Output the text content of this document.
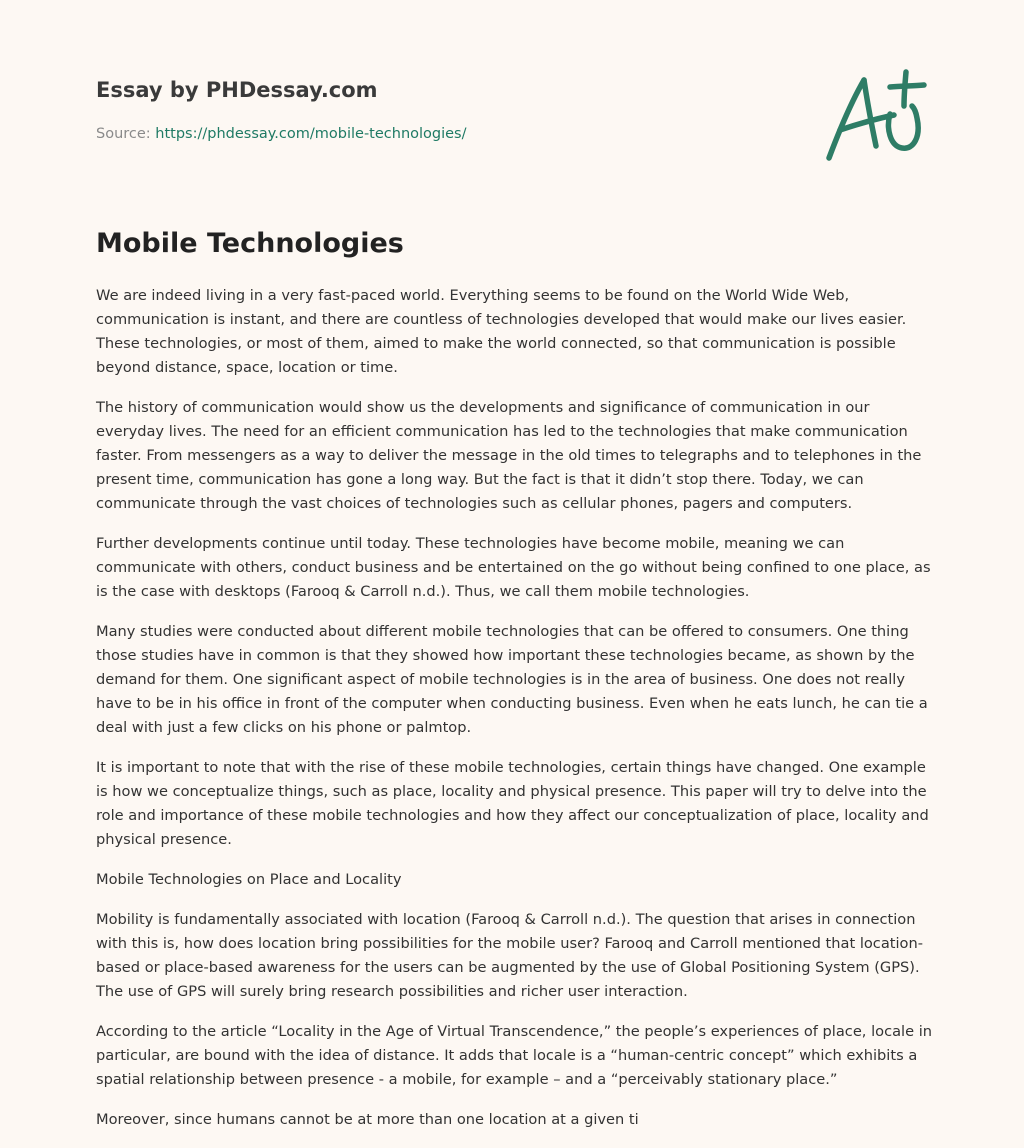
Essay by PHDessay.com
Source: https://phdessay.com/mobile-technologies/
Mobile Technologies

We are indeed living in a very fast-paced world. Everything seems to be found on the World Wide Web, communication is instant, and there are countless of technologies developed that would make our lives easier. These technologies, or most of them, aimed to make the world connected, so that communication is possible beyond distance, space, location or time.

The history of communication would show us the developments and significance of communication in our everyday lives. The need for an efficient communication has led to the technologies that make communication faster. From messengers as a way to deliver the message in the old times to telegraphs and to telephones in the present time, communication has gone a long way. But the fact is that it didn’t stop there. Today, we can communicate through the vast choices of technologies such as cellular phones, pagers and computers.

Further developments continue until today. These technologies have become mobile, meaning we can communicate with others, conduct business and be entertained on the go without being confined to one place, as is the case with desktops (Farooq & Carroll n.d.). Thus, we call them mobile technologies.

Many studies were conducted about different mobile technologies that can be offered to consumers. One thing those studies have in common is that they showed how important these technologies became, as shown by the demand for them. One significant aspect of mobile technologies is in the area of business. One does not really have to be in his office in front of the computer when conducting business. Even when he eats lunch, he can tie a deal with just a few clicks on his phone or palmtop.

It is important to note that with the rise of these mobile technologies, certain things have changed. One example is how we conceptualize things, such as place, locality and physical presence. This paper will try to delve into the role and importance of these mobile technologies and how they affect our conceptualization of place, locality and physical presence.

Mobile Technologies on Place and Locality

Mobility is fundamentally associated with location (Farooq & Carroll n.d.). The question that arises in connection with this is, how does location bring possibilities for the mobile user? Farooq and Carroll mentioned that location-based or place-based awareness for the users can be augmented by the use of Global Positioning System (GPS). The use of GPS will surely bring research possibilities and richer user interaction.

According to the article “Locality in the Age of Virtual Transcendence,” the people’s experiences of place, locale in particular, are bound with the idea of distance. It adds that locale is a “human-centric concept” which exhibits a spatial relationship between presence - a mobile, for example – and a “perceivably stationary place.”

Moreover, since humans cannot be at more than one location at a given ti
